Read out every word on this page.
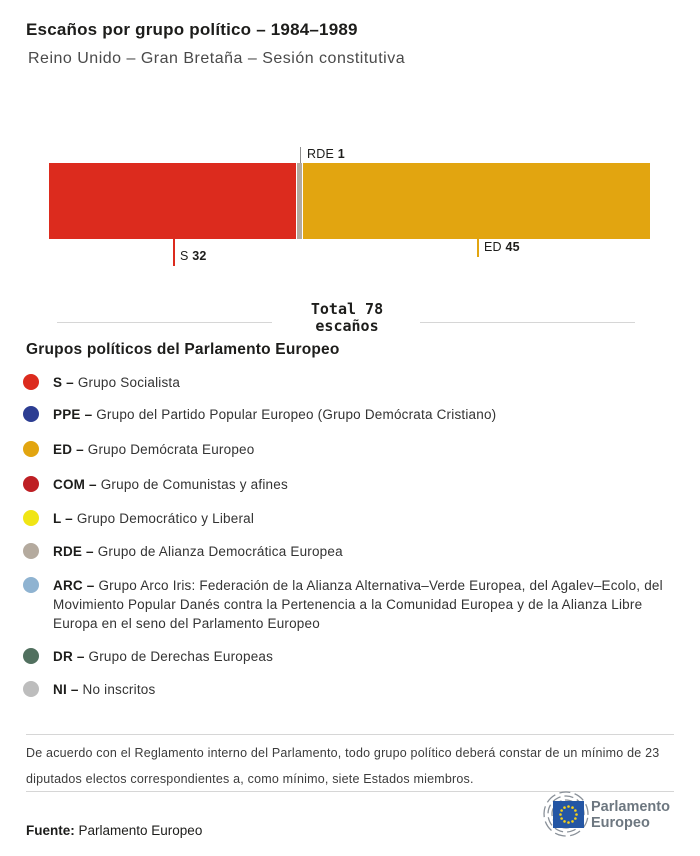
Escaños por grupo político – 1984–1989
Reino Unido – Gran Bretaña – Sesión constitutiva
RDE 1
S 32
ED 45
Total 78
escaños
Grupos políticos del Parlamento Europeo

S – Grupo Socialista

PPE – Grupo del Partido Popular Europeo (Grupo Demócrata Cristiano)

ED – Grupo Demócrata Europeo

COM – Grupo de Comunistas y afines

L – Grupo Democrático y Liberal

RDE – Grupo de Alianza Democrática Europea

ARC – Grupo Arco Iris: Federación de la Alianza Alternativa–Verde Europea, del Agalev–Ecolo, del Movimiento Popular Danés contra la Pertenencia a la Comunidad Europea y de la Alianza Libre Europa en el seno del Parlamento Europeo

DR – Grupo de Derechas Europeas

NI – No inscritos

De acuerdo con el Reglamento interno del Parlamento, todo grupo político deberá constar de un mínimo de 23 diputados electos correspondientes a, como mínimo, siete Estados miembros.

Fuente: Parlamento Europeo

Parlamento
Europeo
